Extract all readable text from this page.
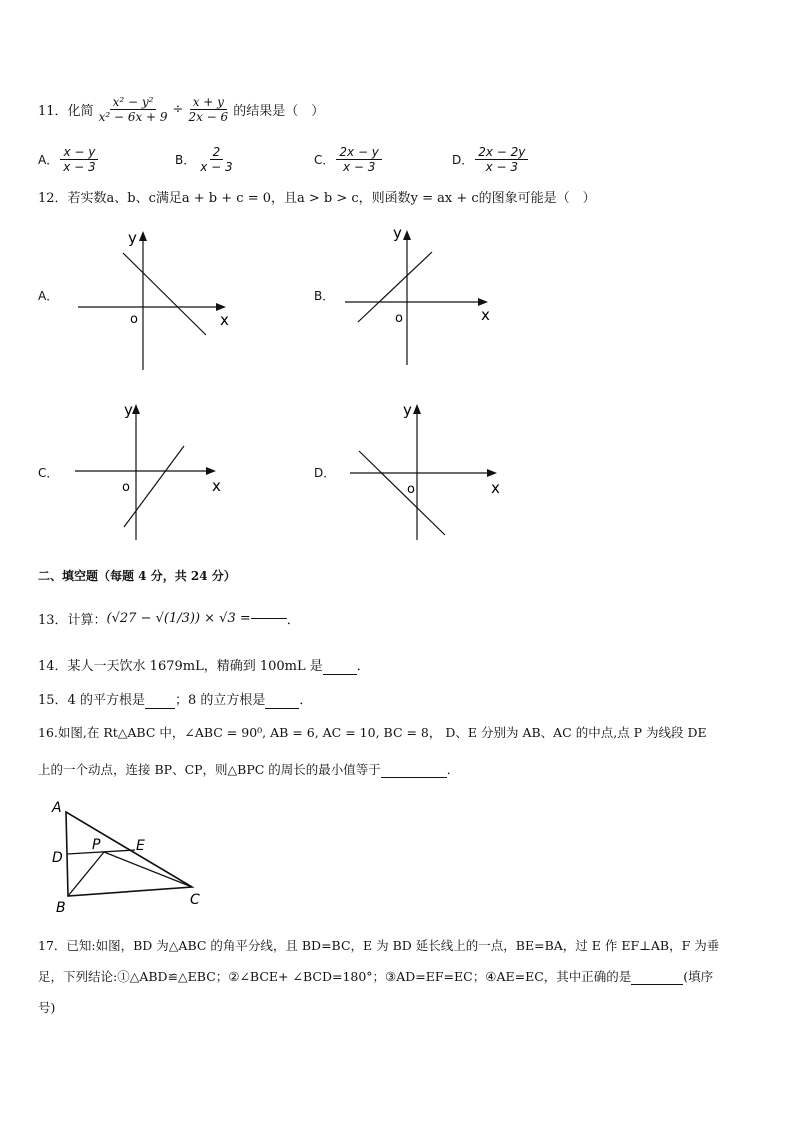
11． 化简 $\frac{\text{x² − y²}}{\text{x² − 6x + 9}} \div \frac{x + y}{2x - 6}$ 的结果是（　）
A． $\frac{x - y}{x - 3}$	B． $\frac{2}{x - 3}$	C． $\frac{2x - y}{x - 3}$	D． $\frac{2x - 2y}{x - 3}$
12．若实数a、b、c满足a + b + c = 0，且a > b > c，则函数y = ax + c的图象可能是（　）
A．
y
x
o
B．
y
x
o
C．
y
x
o
D．
y
x
o
二、填空题（每题 4 分，共 24 分）
13．计算： (√27 − √(1/3)) × √3 =	．
14．某人一天饮水 1679mL，精确到 100mL 是	．
15．4 的平方根是 ；8 的立方根是	．
16.如图,在 Rt△ABC 中，∠ABC = 90⁰, AB = 6, AC = 10, BC = 8， D、E 分别为 AB、AC 的中点,点 P 为线段 DE
上的一个动点，连接 BP、CP，则△BPC 的周长的最小值等于	．
A
D
P	E
B	C
17．已知:如图，BD 为△ABC 的角平分线，且 BD=BC，E 为 BD 延长线上的一点，BE=BA，过 E 作 EF⊥AB，F 为垂
足，下列结论:①△ABD≌△EBC；②∠BCE+ ∠BCD=180°；③AD=EF=EC；④AE=EC，其中正确的是	(填序
号)
